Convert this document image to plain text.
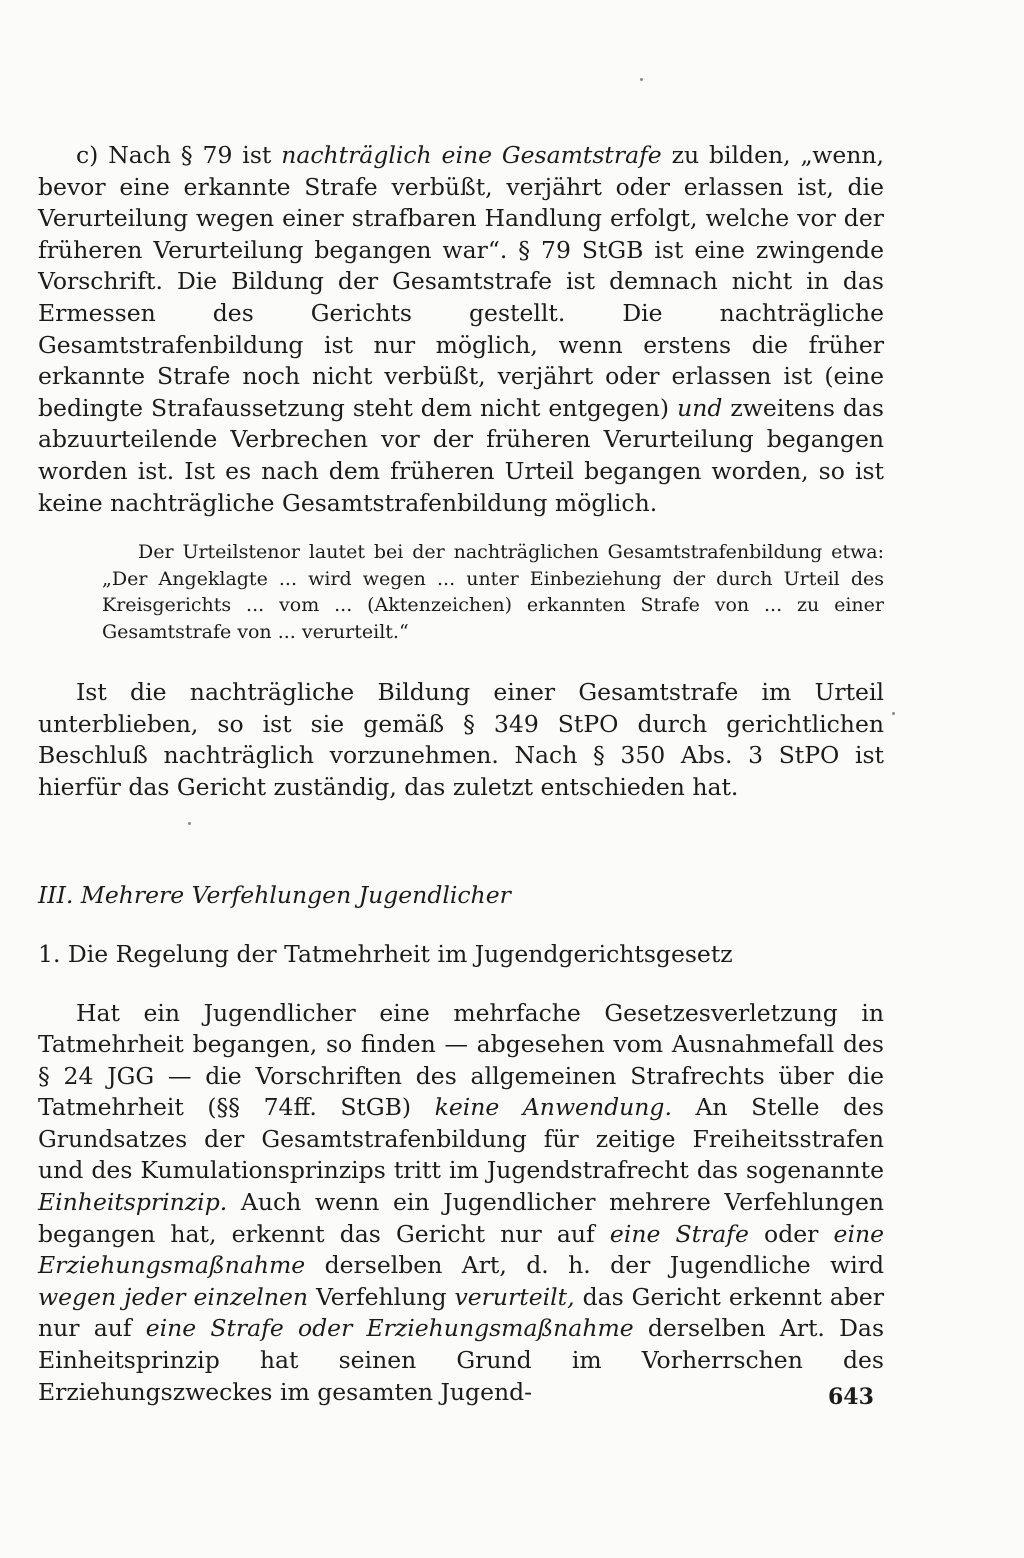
c) Nach § 79 ist nachträglich eine Gesamtstrafe zu bilden, „wenn, bevor eine erkannte Strafe verbüßt, verjährt oder erlassen ist, die Verurteilung wegen einer strafbaren Handlung erfolgt, welche vor der früheren Verurteilung begangen war“. § 79 StGB ist eine zwingende Vorschrift. Die Bildung der Gesamtstrafe ist demnach nicht in das Ermessen des Gerichts gestellt. Die nachträgliche Gesamtstrafenbildung ist nur möglich, wenn erstens die früher erkannte Strafe noch nicht verbüßt, verjährt oder erlassen ist (eine bedingte Strafaussetzung steht dem nicht entgegen) und zweitens das abzuurteilende Verbrechen vor der früheren Verurteilung begangen worden ist. Ist es nach dem früheren Urteil begangen worden, so ist keine nachträgliche Gesamtstrafenbildung möglich.

Der Urteilstenor lautet bei der nachträglichen Gesamtstrafenbildung etwa: „Der Angeklagte ... wird wegen ... unter Einbeziehung der durch Urteil des Kreisgerichts ... vom ... (Aktenzeichen) erkannten Strafe von ... zu einer Gesamtstrafe von ... verurteilt.“

Ist die nachträgliche Bildung einer Gesamtstrafe im Urteil unterblieben, so ist sie gemäß § 349 StPO durch gerichtlichen Beschluß nachträglich vorzunehmen. Nach § 350 Abs. 3 StPO ist hierfür das Gericht zuständig, das zuletzt entschieden hat.

III. Mehrere Verfehlungen Jugendlicher

1. Die Regelung der Tatmehrheit im Jugendgerichtsgesetz

Hat ein Jugendlicher eine mehrfache Gesetzesverletzung in Tatmehrheit begangen, so finden — abgesehen vom Ausnahmefall des § 24 JGG — die Vorschriften des allgemeinen Strafrechts über die Tatmehrheit (§§ 74ff. StGB) keine Anwendung. An Stelle des Grundsatzes der Gesamtstrafenbildung für zeitige Freiheitsstrafen und des Kumulationsprinzips tritt im Jugendstrafrecht das sogenannte Einheitsprinzip. Auch wenn ein Jugendlicher mehrere Verfehlungen begangen hat, erkennt das Gericht nur auf eine Strafe oder eine Erziehungsmaßnahme derselben Art, d. h. der Jugendliche wird wegen jeder einzelnen Verfehlung verurteilt, das Gericht erkennt aber nur auf eine Strafe oder Erziehungsmaßnahme derselben Art. Das Einheitsprinzip hat seinen Grund im Vorherrschen des Erziehungszweckes im gesamten Jugend-	643
